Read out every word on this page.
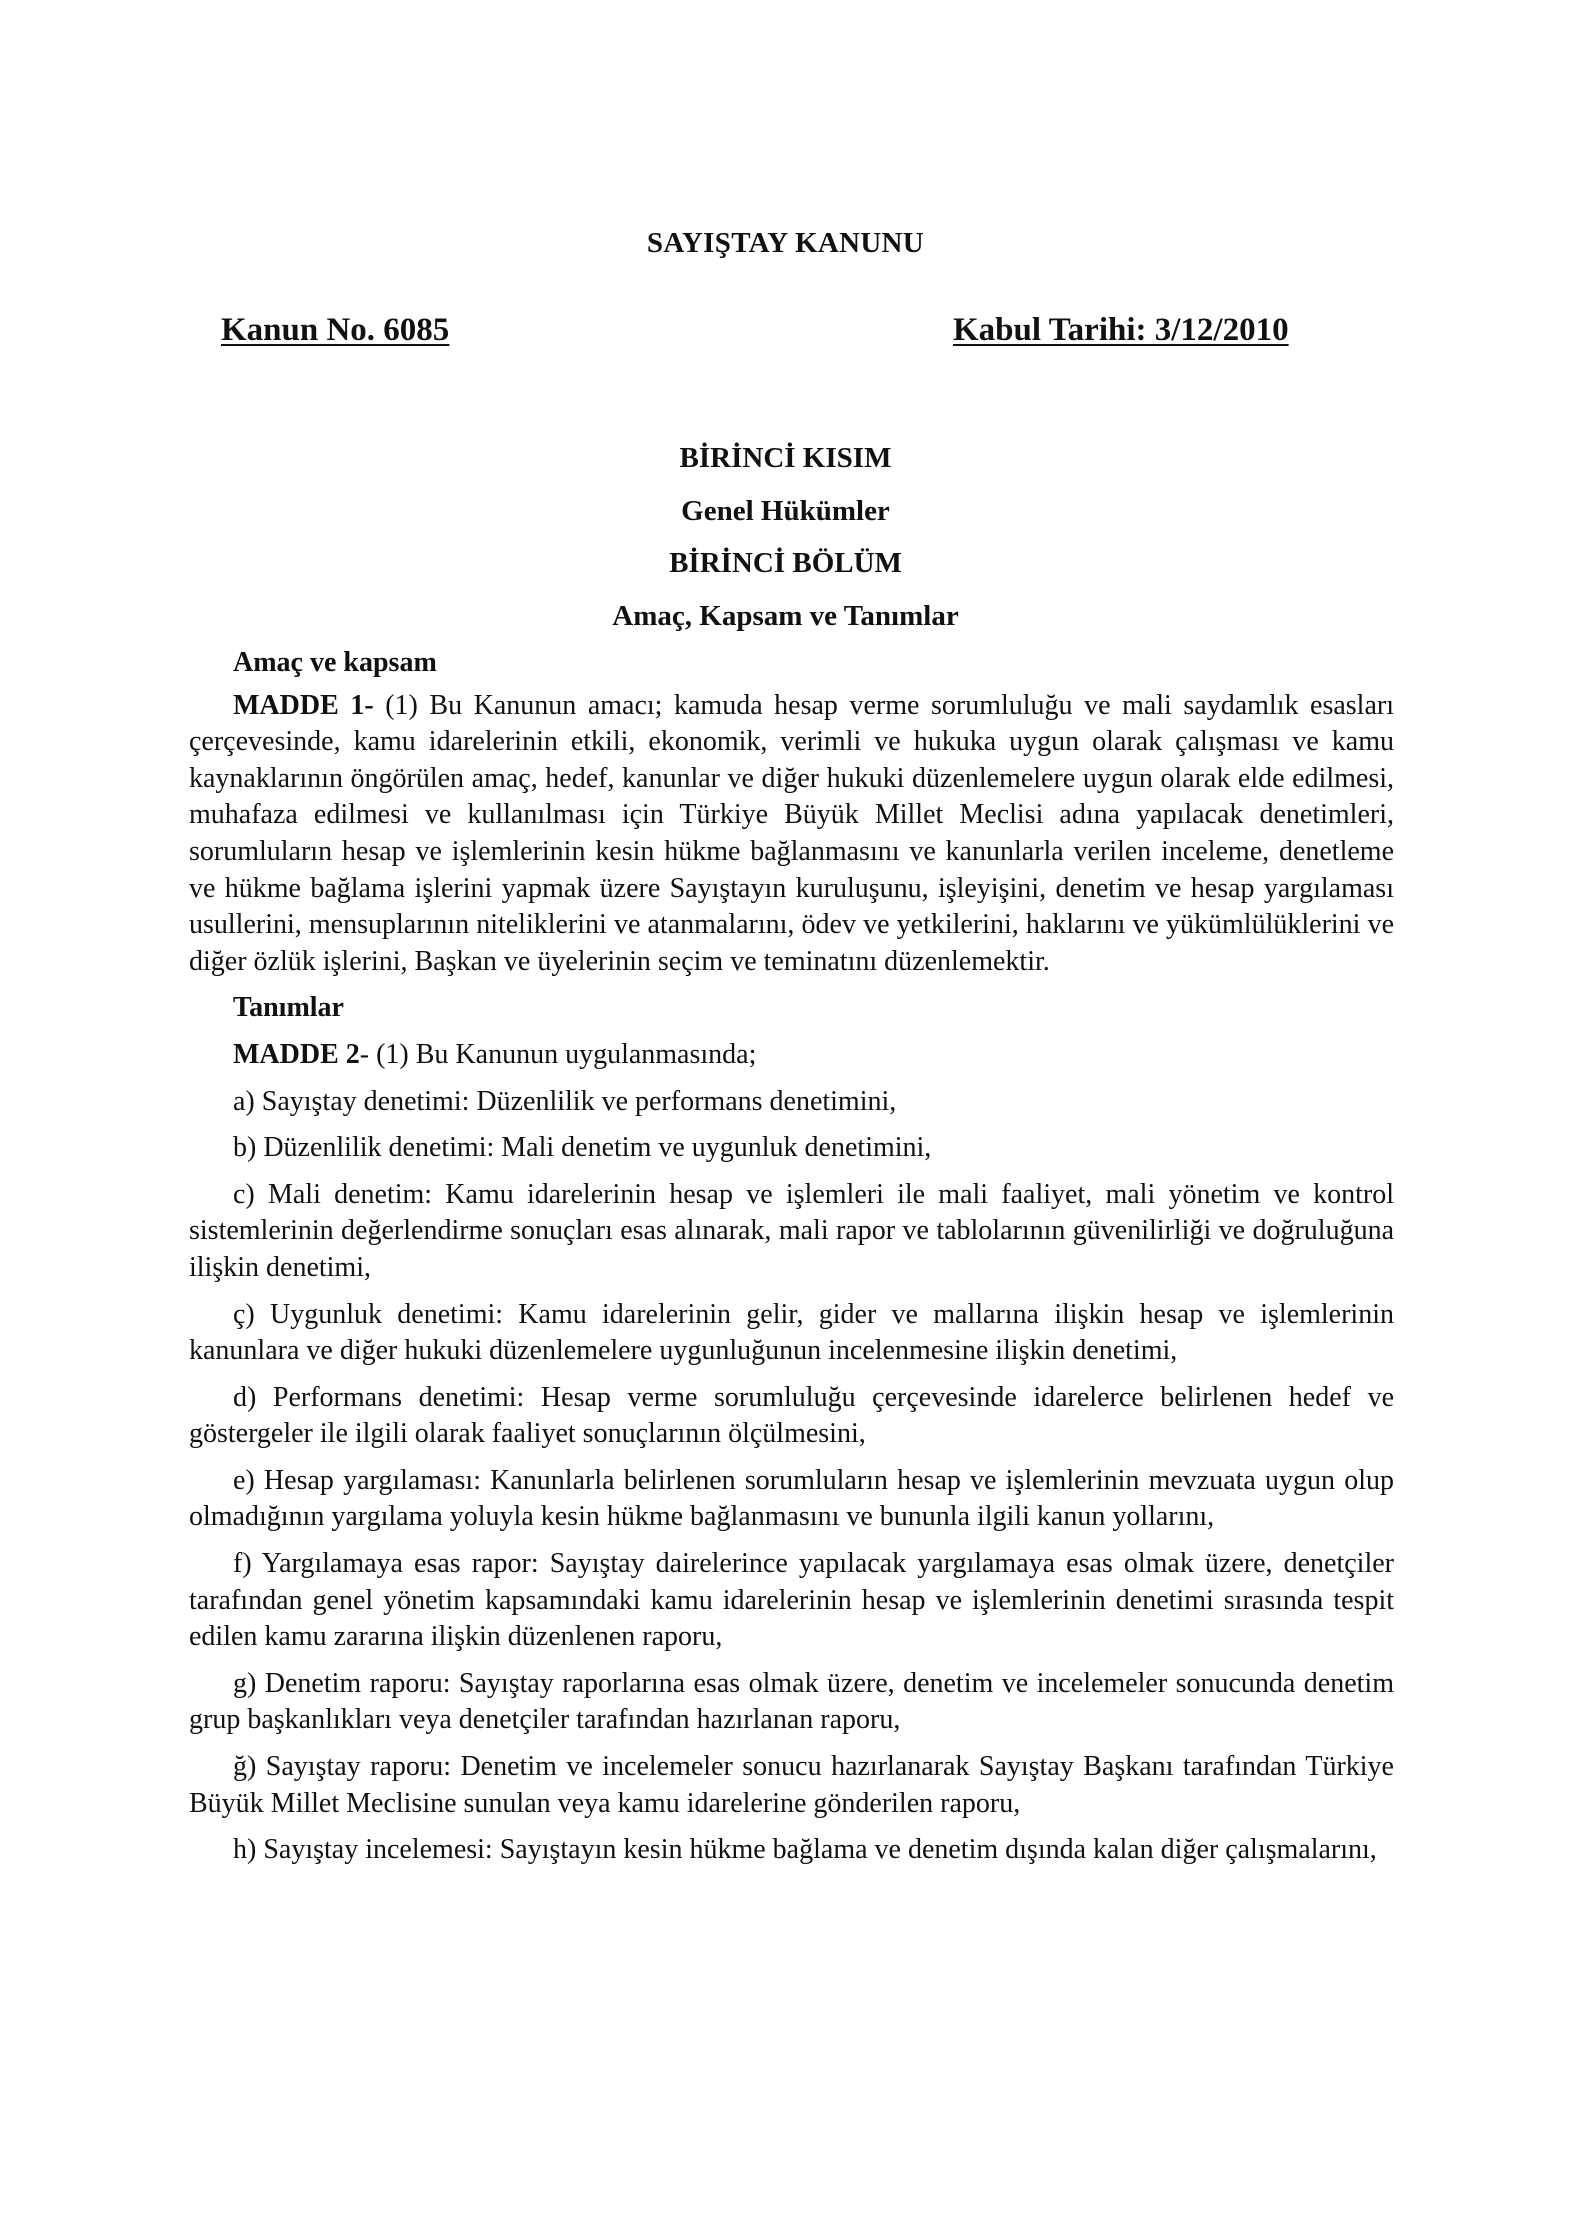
SAYIŞTAY KANUNU
Kanun No. 6085	Kabul Tarihi: 3/12/2010
BİRİNCİ KISIM
Genel Hükümler
BİRİNCİ BÖLÜM
Amaç, Kapsam ve Tanımlar
Amaç ve kapsam

MADDE 1- (1) Bu Kanunun amacı; kamuda hesap verme sorumluluğu ve mali saydamlık esasları çerçevesinde, kamu idarelerinin etkili, ekonomik, verimli ve hukuka uygun olarak çalışması ve kamu kaynaklarının öngörülen amaç, hedef, kanunlar ve diğer hukuki düzenlemelere uygun olarak elde edilmesi, muhafaza edilmesi ve kullanılması için Türkiye Büyük Millet Meclisi adına yapılacak denetimleri, sorumluların hesap ve işlemlerinin kesin hükme bağlanmasını ve kanunlarla verilen inceleme, denetleme ve hükme bağlama işlerini yapmak üzere Sayıştayın kuruluşunu, işleyişini, denetim ve hesap yargılaması usullerini, mensuplarının niteliklerini ve atanmalarını, ödev ve yetkilerini, haklarını ve yükümlülüklerini ve diğer özlük işlerini, Başkan ve üyelerinin seçim ve teminatını düzenlemektir.

Tanımlar

MADDE 2- (1) Bu Kanunun uygulanmasında;

a) Sayıştay denetimi: Düzenlilik ve performans denetimini,

b) Düzenlilik denetimi: Mali denetim ve uygunluk denetimini,

c) Mali denetim: Kamu idarelerinin hesap ve işlemleri ile mali faaliyet, mali yönetim ve kontrol sistemlerinin değerlendirme sonuçları esas alınarak, mali rapor ve tablolarının güvenilirliği ve doğruluğuna ilişkin denetimi,

ç) Uygunluk denetimi: Kamu idarelerinin gelir, gider ve mallarına ilişkin hesap ve işlemlerinin kanunlara ve diğer hukuki düzenlemelere uygunluğunun incelenmesine ilişkin denetimi,

d) Performans denetimi: Hesap verme sorumluluğu çerçevesinde idarelerce belirlenen hedef ve göstergeler ile ilgili olarak faaliyet sonuçlarının ölçülmesini,

e) Hesap yargılaması: Kanunlarla belirlenen sorumluların hesap ve işlemlerinin mevzuata uygun olup olmadığının yargılama yoluyla kesin hükme bağlanmasını ve bununla ilgili kanun yollarını,

f) Yargılamaya esas rapor: Sayıştay dairelerince yapılacak yargılamaya esas olmak üzere, denetçiler tarafından genel yönetim kapsamındaki kamu idarelerinin hesap ve işlemlerinin denetimi sırasında tespit edilen kamu zararına ilişkin düzenlenen raporu,

g) Denetim raporu: Sayıştay raporlarına esas olmak üzere, denetim ve incelemeler sonucunda denetim grup başkanlıkları veya denetçiler tarafından hazırlanan raporu,

ğ) Sayıştay raporu: Denetim ve incelemeler sonucu hazırlanarak Sayıştay Başkanı tarafından Türkiye Büyük Millet Meclisine sunulan veya kamu idarelerine gönderilen raporu,

h) Sayıştay incelemesi: Sayıştayın kesin hükme bağlama ve denetim dışında kalan diğer çalışmalarını,
